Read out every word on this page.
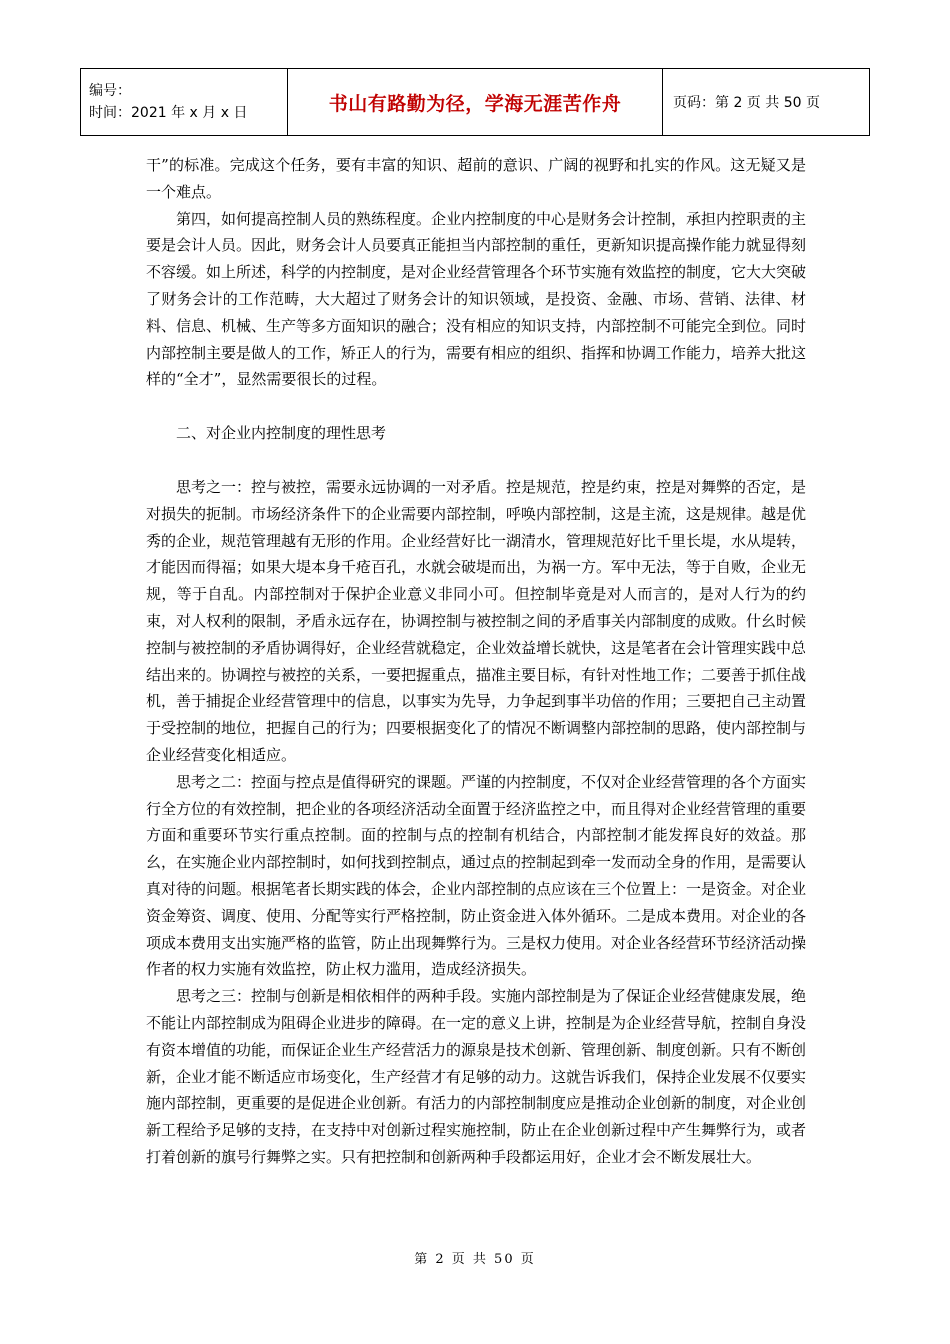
编号：
时间：2021 年 x 月 x 日	书山有路勤为径，学海无涯苦作舟	页码：第 2 页 共 50 页

干”的标准。完成这个任务，要有丰富的知识、超前的意识、广阔的视野和扎实的作风。这无疑又是一个难点。

第四，如何提高控制人员的熟练程度。企业内控制度的中心是财务会计控制，承担内控职责的主要是会计人员。因此，财务会计人员要真正能担当内部控制的重任，更新知识提高操作能力就显得刻不容缓。如上所述，科学的内控制度，是对企业经营管理各个环节实施有效监控的制度，它大大突破了财务会计的工作范畴，大大超过了财务会计的知识领域，是投资、金融、市场、营销、法律、材料、信息、机械、生产等多方面知识的融合；没有相应的知识支持，内部控制不可能完全到位。同时内部控制主要是做人的工作，矫正人的行为，需要有相应的组织、指挥和协调工作能力，培养大批这样的“全才”，显然需要很长的过程。

二、对企业内控制度的理性思考

思考之一：控与被控，需要永远协调的一对矛盾。控是规范，控是约束，控是对舞弊的否定，是对损失的扼制。市场经济条件下的企业需要内部控制，呼唤内部控制，这是主流，这是规律。越是优秀的企业，规范管理越有无形的作用。企业经营好比一湖清水，管理规范好比千里长堤，水从堤转，才能因而得福；如果大堤本身千疮百孔，水就会破堤而出，为祸一方。军中无法，等于自败，企业无规，等于自乱。内部控制对于保护企业意义非同小可。但控制毕竟是对人而言的，是对人行为的约束，对人权利的限制，矛盾永远存在，协调控制与被控制之间的矛盾事关内部制度的成败。什幺时候控制与被控制的矛盾协调得好，企业经营就稳定，企业效益增长就快，这是笔者在会计管理实践中总结出来的。协调控与被控的关系，一要把握重点，描准主要目标，有针对性地工作；二要善于抓住战机，善于捕捉企业经营管理中的信息，以事实为先导，力争起到事半功倍的作用；三要把自己主动置于受控制的地位，把握自己的行为；四要根据变化了的情况不断调整内部控制的思路，使内部控制与企业经营变化相适应。

思考之二：控面与控点是值得研究的课题。严谨的内控制度，不仅对企业经营管理的各个方面实行全方位的有效控制，把企业的各项经济活动全面置于经济监控之中，而且得对企业经营管理的重要方面和重要环节实行重点控制。面的控制与点的控制有机结合，内部控制才能发挥良好的效益。那幺，在实施企业内部控制时，如何找到控制点，通过点的控制起到牵一发而动全身的作用，是需要认真对待的问题。根据笔者长期实践的体会，企业内部控制的点应该在三个位置上：一是资金。对企业资金筹资、调度、使用、分配等实行严格控制，防止资金进入体外循环。二是成本费用。对企业的各项成本费用支出实施严格的监管，防止出现舞弊行为。三是权力使用。对企业各经营环节经济活动操作者的权力实施有效监控，防止权力滥用，造成经济损失。

思考之三：控制与创新是相依相伴的两种手段。实施内部控制是为了保证企业经营健康发展，绝不能让内部控制成为阻碍企业进步的障碍。在一定的意义上讲，控制是为企业经营导航，控制自身没有资本增值的功能，而保证企业生产经营活力的源泉是技术创新、管理创新、制度创新。只有不断创新，企业才能不断适应市场变化，生产经营才有足够的动力。这就告诉我们，保持企业发展不仅要实施内部控制，更重要的是促进企业创新。有活力的内部控制制度应是推动企业创新的制度，对企业创新工程给予足够的支持，在支持中对创新过程实施控制，防止在企业创新过程中产生舞弊行为，或者打着创新的旗号行舞弊之实。只有把控制和创新两种手段都运用好，企业才会不断发展壮大。

第 2 页 共 50 页
